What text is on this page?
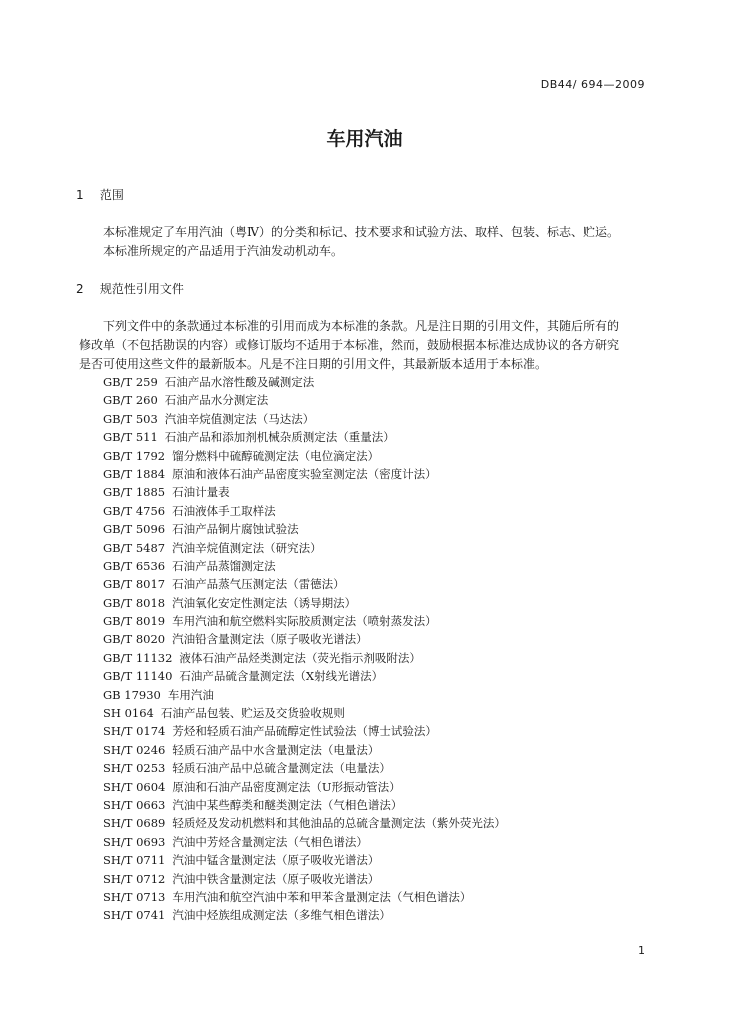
DB44/ 694—2009
车用汽油
1 范围
本标准规定了车用汽油（粤Ⅳ）的分类和标记、技术要求和试验方法、取样、包装、标志、贮运。
本标准所规定的产品适用于汽油发动机动车。
2 规范性引用文件
下列文件中的条款通过本标准的引用而成为本标准的条款。凡是注日期的引用文件，其随后所有的
修改单（不包括勘误的内容）或修订版均不适用于本标准，然而，鼓励根据本标准达成协议的各方研究
是否可使用这些文件的最新版本。凡是不注日期的引用文件，其最新版本适用于本标准。
GB/T 259 石油产品水溶性酸及碱测定法
GB/T 260 石油产品水分测定法
GB/T 503 汽油辛烷值测定法（马达法）
GB/T 511 石油产品和添加剂机械杂质测定法（重量法）
GB/T 1792 馏分燃料中硫醇硫测定法（电位滴定法）
GB/T 1884 原油和液体石油产品密度实验室测定法（密度计法）
GB/T 1885 石油计量表
GB/T 4756 石油液体手工取样法
GB/T 5096 石油产品铜片腐蚀试验法
GB/T 5487 汽油辛烷值测定法（研究法）
GB/T 6536 石油产品蒸馏测定法
GB/T 8017 石油产品蒸气压测定法（雷德法）
GB/T 8018 汽油氧化安定性测定法（诱导期法）
GB/T 8019 车用汽油和航空燃料实际胶质测定法（喷射蒸发法）
GB/T 8020 汽油铅含量测定法（原子吸收光谱法）
GB/T 11132 液体石油产品烃类测定法（荧光指示剂吸附法）
GB/T 11140 石油产品硫含量测定法（X射线光谱法）
GB 17930 车用汽油
SH 0164 石油产品包装、贮运及交货验收规则
SH/T 0174 芳烃和轻质石油产品硫醇定性试验法（博士试验法）
SH/T 0246 轻质石油产品中水含量测定法（电量法）
SH/T 0253 轻质石油产品中总硫含量测定法（电量法）
SH/T 0604 原油和石油产品密度测定法（U形振动管法）
SH/T 0663 汽油中某些醇类和醚类测定法（气相色谱法）
SH/T 0689 轻质烃及发动机燃料和其他油品的总硫含量测定法（紫外荧光法）
SH/T 0693 汽油中芳烃含量测定法（气相色谱法）
SH/T 0711 汽油中锰含量测定法（原子吸收光谱法）
SH/T 0712 汽油中铁含量测定法（原子吸收光谱法）
SH/T 0713 车用汽油和航空汽油中苯和甲苯含量测定法（气相色谱法）
SH/T 0741 汽油中烃族组成测定法（多维气相色谱法）
1
